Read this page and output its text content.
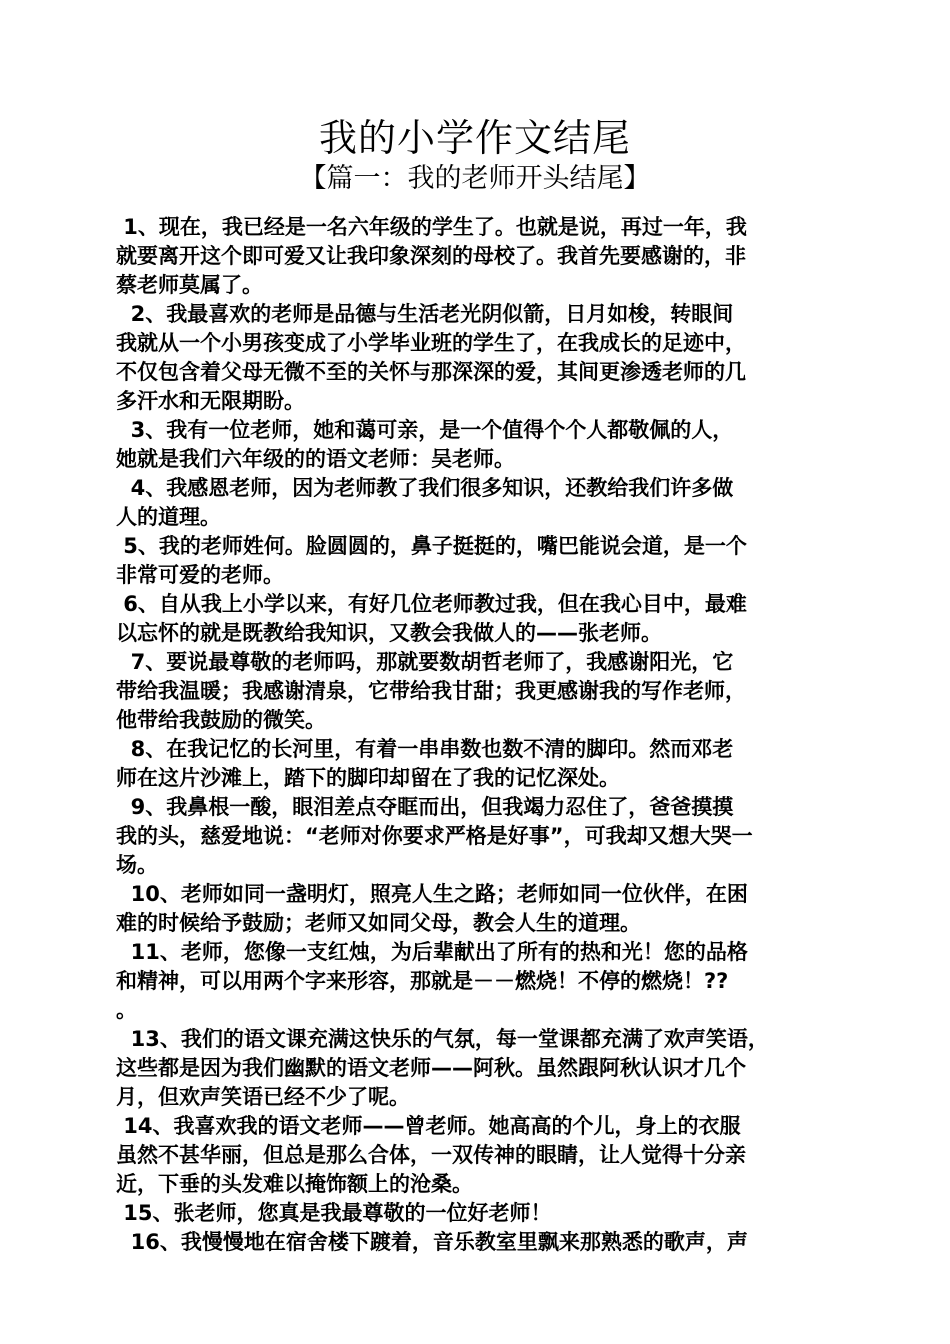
我的小学作文结尾
【篇一：我的老师开头结尾】
1、现在，我已经是一名六年级的学生了。也就是说，再过一年，我
就要离开这个即可爱又让我印象深刻的母校了。我首先要感谢的，非
蔡老师莫属了。
2、我最喜欢的老师是品德与生活老光阴似箭，日月如梭，转眼间
我就从一个小男孩变成了小学毕业班的学生了，在我成长的足迹中，
不仅包含着父母无微不至的关怀与那深深的爱，其间更渗透老师的几
多汗水和无限期盼。
3、我有一位老师，她和蔼可亲，是一个值得个个人都敬佩的人，
她就是我们六年级的的语文老师：吴老师。
4、我感恩老师，因为老师教了我们很多知识，还教给我们许多做
人的道理。
5、我的老师姓何。脸圆圆的，鼻子挺挺的，嘴巴能说会道，是一个
非常可爱的老师。
6、自从我上小学以来，有好几位老师教过我，但在我心目中，最难
以忘怀的就是既教给我知识，又教会我做人的——张老师。
7、要说最尊敬的老师吗，那就要数胡哲老师了，我感谢阳光，它
带给我温暖；我感谢清泉，它带给我甘甜；我更感谢我的写作老师，
他带给我鼓励的微笑。
8、在我记忆的长河里，有着一串串数也数不清的脚印。然而邓老
师在这片沙滩上，踏下的脚印却留在了我的记忆深处。
9、我鼻根一酸，眼泪差点夺眶而出，但我竭力忍住了，爸爸摸摸
我的头，慈爱地说：“老师对你要求严格是好事”，可我却又想大哭一
场。
10、老师如同一盏明灯，照亮人生之路；老师如同一位伙伴，在困
难的时候给予鼓励；老师又如同父母，教会人生的道理。
11、老师，您像一支红烛，为后辈献出了所有的热和光！您的品格
和精神，可以用两个字来形容，那就是－－燃烧！不停的燃烧！??
。
13、我们的语文课充满这快乐的气氛，每一堂课都充满了欢声笑语，
这些都是因为我们幽默的语文老师——阿秋。虽然跟阿秋认识才几个
月，但欢声笑语已经不少了呢。
14、我喜欢我的语文老师——曾老师。她高高的个儿，身上的衣服
虽然不甚华丽，但总是那么合体，一双传神的眼睛，让人觉得十分亲
近，下垂的头发难以掩饰额上的沧桑。
15、张老师，您真是我最尊敬的一位好老师！
16、我慢慢地在宿舍楼下踱着，音乐教室里飘来那熟悉的歌声，声
